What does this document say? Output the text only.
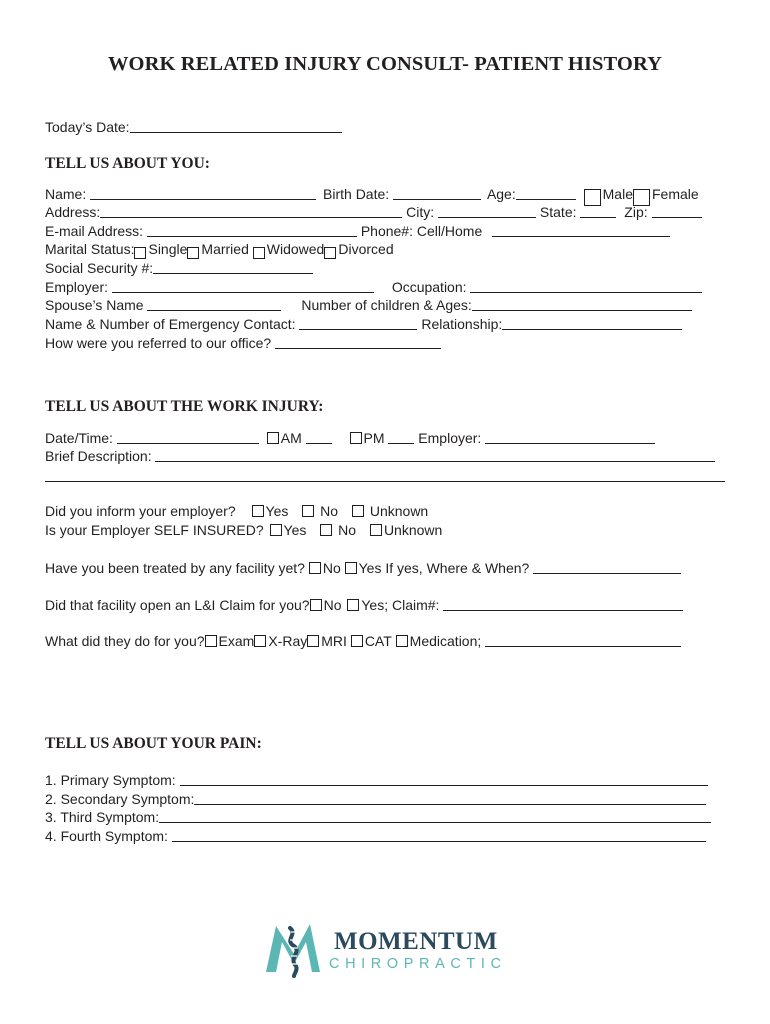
WORK RELATED INJURY CONSULT- PATIENT HISTORY
Today’s Date:
TELL US ABOUT YOU:
Name:	Birth Date:	Age:	Male Female
Address:	City:	State:	Zip:
E-mail Address:	Phone#: Cell/Home
Marital Status: Single Married Widowed Divorced
Social Security #:
Employer:	Occupation:
Spouse’s Name	Number of children & Ages:
Name & Number of Emergency Contact:	Relationship:
How were you referred to our office?
TELL US ABOUT THE WORK INJURY:
Date/Time:	AM	PM Employer:
Brief Description:
Did you inform your employer? Yes No Unknown
Is your Employer SELF INSURED? Yes No Unknown
Have you been treated by any facility yet? No Yes If yes, Where & When?
Did that facility open an L&I Claim for you? No Yes; Claim#:
What did they do for you? Exam X-Ray MRI CAT Medication;
TELL US ABOUT YOUR PAIN:
1. Primary Symptom:
2. Secondary Symptom:
3. Third Symptom:
4. Fourth Symptom:
MOMENTUM
CHIROPRACTIC
